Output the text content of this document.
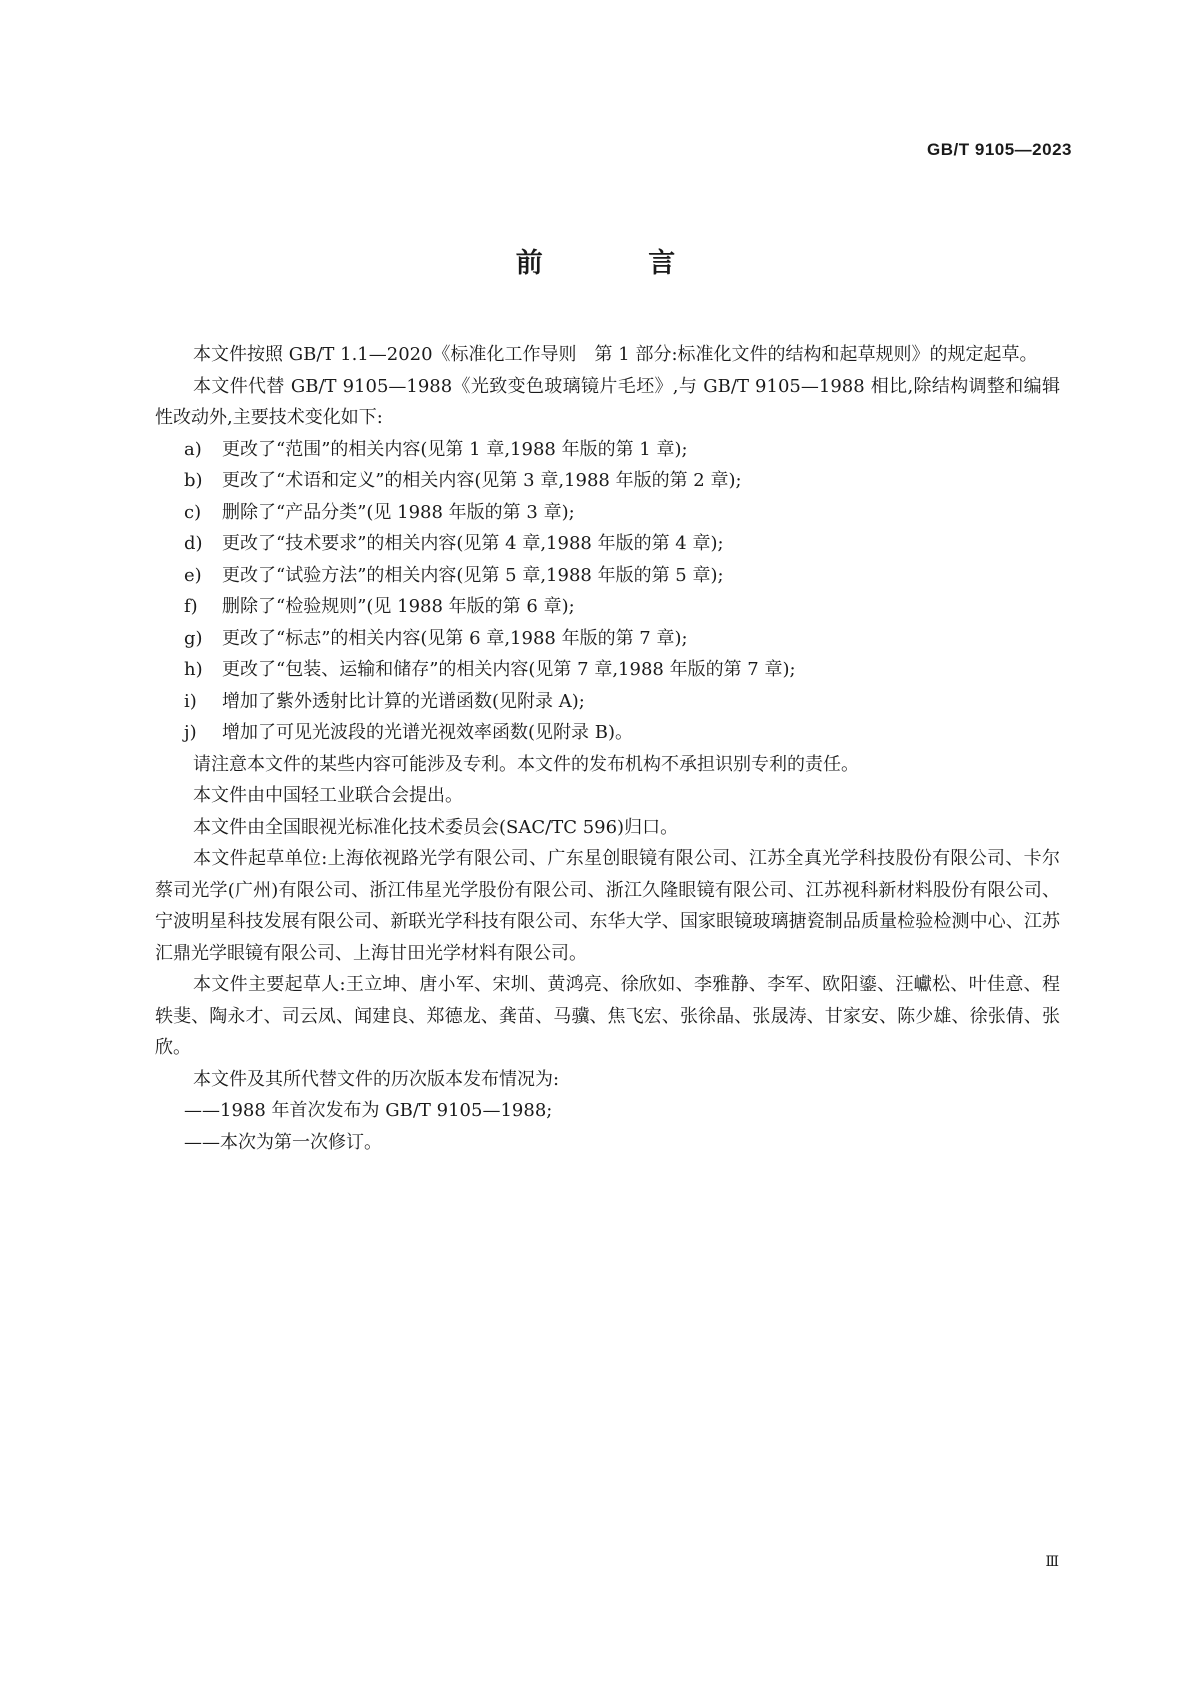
GB/T 9105—2023
前 言

本文件按照 GB/T 1.1—2020《标准化工作导则　第 1 部分:标准化文件的结构和起草规则》的规定起草。

本文件代替 GB/T 9105—1988《光致变色玻璃镜片毛坯》,与 GB/T 9105—1988 相比,除结构调整和编辑性改动外,主要技术变化如下:

a)	更改了“范围”的相关内容(见第 1 章,1988 年版的第 1 章);
b)	更改了“术语和定义”的相关内容(见第 3 章,1988 年版的第 2 章);
c)	删除了“产品分类”(见 1988 年版的第 3 章);
d)	更改了“技术要求”的相关内容(见第 4 章,1988 年版的第 4 章);
e)	更改了“试验方法”的相关内容(见第 5 章,1988 年版的第 5 章);
f)	删除了“检验规则”(见 1988 年版的第 6 章);
g)	更改了“标志”的相关内容(见第 6 章,1988 年版的第 7 章);
h)	更改了“包装、运输和储存”的相关内容(见第 7 章,1988 年版的第 7 章);
i)	增加了紫外透射比计算的光谱函数(见附录 A);
j)	增加了可见光波段的光谱光视效率函数(见附录 B)。

请注意本文件的某些内容可能涉及专利。本文件的发布机构不承担识别专利的责任。

本文件由中国轻工业联合会提出。

本文件由全国眼视光标准化技术委员会(SAC/TC 596)归口。

本文件起草单位:上海依视路光学有限公司、广东星创眼镜有限公司、江苏全真光学科技股份有限公司、卡尔蔡司光学(广州)有限公司、浙江伟星光学股份有限公司、浙江久隆眼镜有限公司、江苏视科新材料股份有限公司、宁波明星科技发展有限公司、新联光学科技有限公司、东华大学、国家眼镜玻璃搪瓷制品质量检验检测中心、江苏汇鼎光学眼镜有限公司、上海甘田光学材料有限公司。

本文件主要起草人:王立坤、唐小军、宋圳、黄鸿亮、徐欣如、李雅静、李军、欧阳鎏、汪巘松、叶佳意、程轶斐、陶永才、司云凤、闻建良、郑德龙、龚苗、马骥、焦飞宏、张徐晶、张晟涛、甘家安、陈少雄、徐张倩、张欣。

本文件及其所代替文件的历次版本发布情况为:

——1988 年首次发布为 GB/T 9105—1988;

——本次为第一次修订。

Ⅲ
